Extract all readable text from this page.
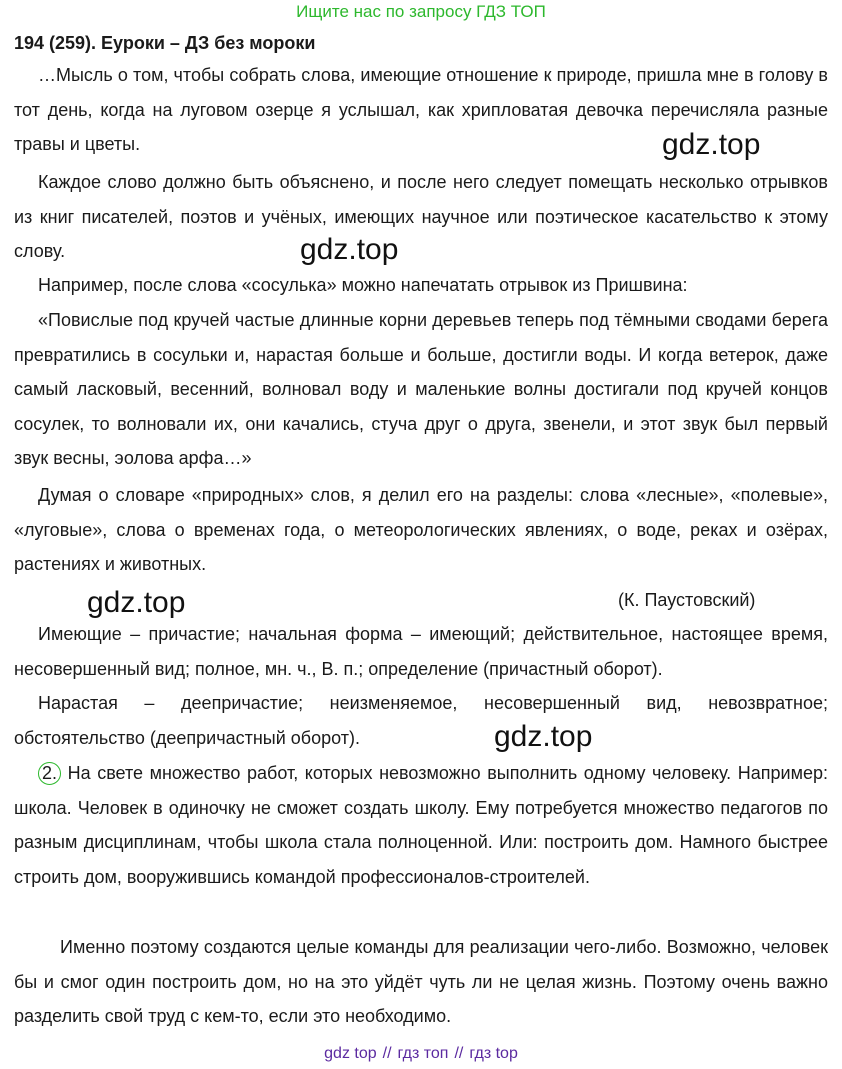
Ищите нас по запросу ГДЗ ТОП
194 (259). Еуроки – ДЗ без мороки

…Мысль о том, чтобы собрать слова, имеющие отношение к природе, пришла мне в голову в тот день, когда на луговом озерце я услышал, как хрипловатая девочка перечисляла разные травы и цветы.	gdz.top

Каждое слово должно быть объяснено, и после него следует помещать несколько отрывков из книг писателей, поэтов и учёных, имеющих научное или поэтическое касательство к этому слову.	gdz.top

Например, после слова «сосулька» можно напечатать отрывок из Пришвина:

«Повислые под кручей частые длинные корни деревьев теперь под тёмными сводами берега превратились в сосульки и, нарастая больше и больше, достигли воды. И когда ветерок, даже самый ласковый, весенний, волновал воду и маленькие волны достигали под кручей концов сосулек, то волновали их, они качались, стуча друг о друга, звенели, и этот звук был первый звук весны, эолова арфа…»

Думая о словаре «природных» слов, я делил его на разделы: слова «лесные», «полевые», «луговые», слова о временах года, о метеорологических явлениях, о воде, реках и озёрах, растениях и животных.

gdz.top	(К. Паустовский)

Имеющие – причастие; начальная форма – имеющий; действительное, настоящее время, несовершенный вид; полное, мн. ч., В. п.; определение (причастный оборот).

Нарастая – деепричастие; неизменяемое, несовершенный вид, невозвратное; обстоятельство (деепричастный оборот).	gdz.top

2. На свете множество работ, которых невозможно выполнить одному человеку. Например: школа. Человек в одиночку не сможет создать школу. Ему потребуется множество педагогов по разным дисциплинам, чтобы школа стала полноценной. Или: построить дом. Намного быстрее строить дом, вооружившись командой профессионалов-строителей.

Именно поэтому создаются целые команды для реализации чего-либо. Возможно, человек бы и смог один построить дом, но на это уйдёт чуть ли не целая жизнь. Поэтому очень важно разделить свой труд с кем-то, если это необходимо.

gdz top // гдз топ // гдз top
